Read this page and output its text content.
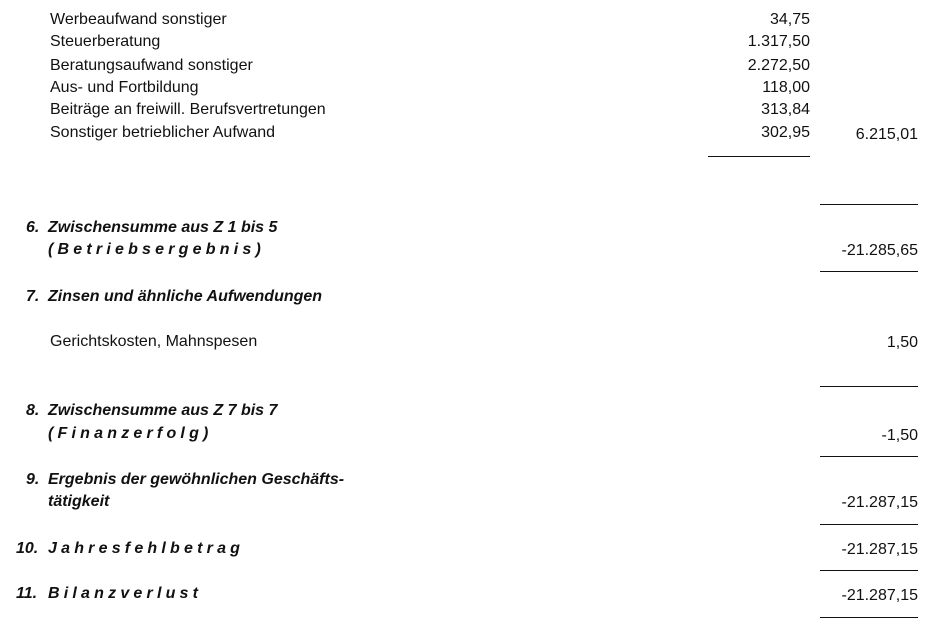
Werbeaufwand sonstiger	34,75
Steuerberatung	1.317,50
Beratungsaufwand sonstiger	2.272,50
Aus- und Fortbildung	118,00
Beiträge an freiwill. Berufsvertretungen	313,84
Sonstiger betrieblicher Aufwand	302,95	6.215,01
6. Zwischensumme aus Z 1 bis 5
(Betriebsergebnis)	-21.285,65
7. Zinsen und ähnliche Aufwendungen
Gerichtskosten, Mahnspesen	1,50
8. Zwischensumme aus Z 7 bis 7
(Finanzerfolg)	-1,50
9. Ergebnis der gewöhnlichen Geschäfts-
tätigkeit	-21.287,15
10. Jahresfehlbetrag	-21.287,15
11. Bilanzverlust	-21.287,15
